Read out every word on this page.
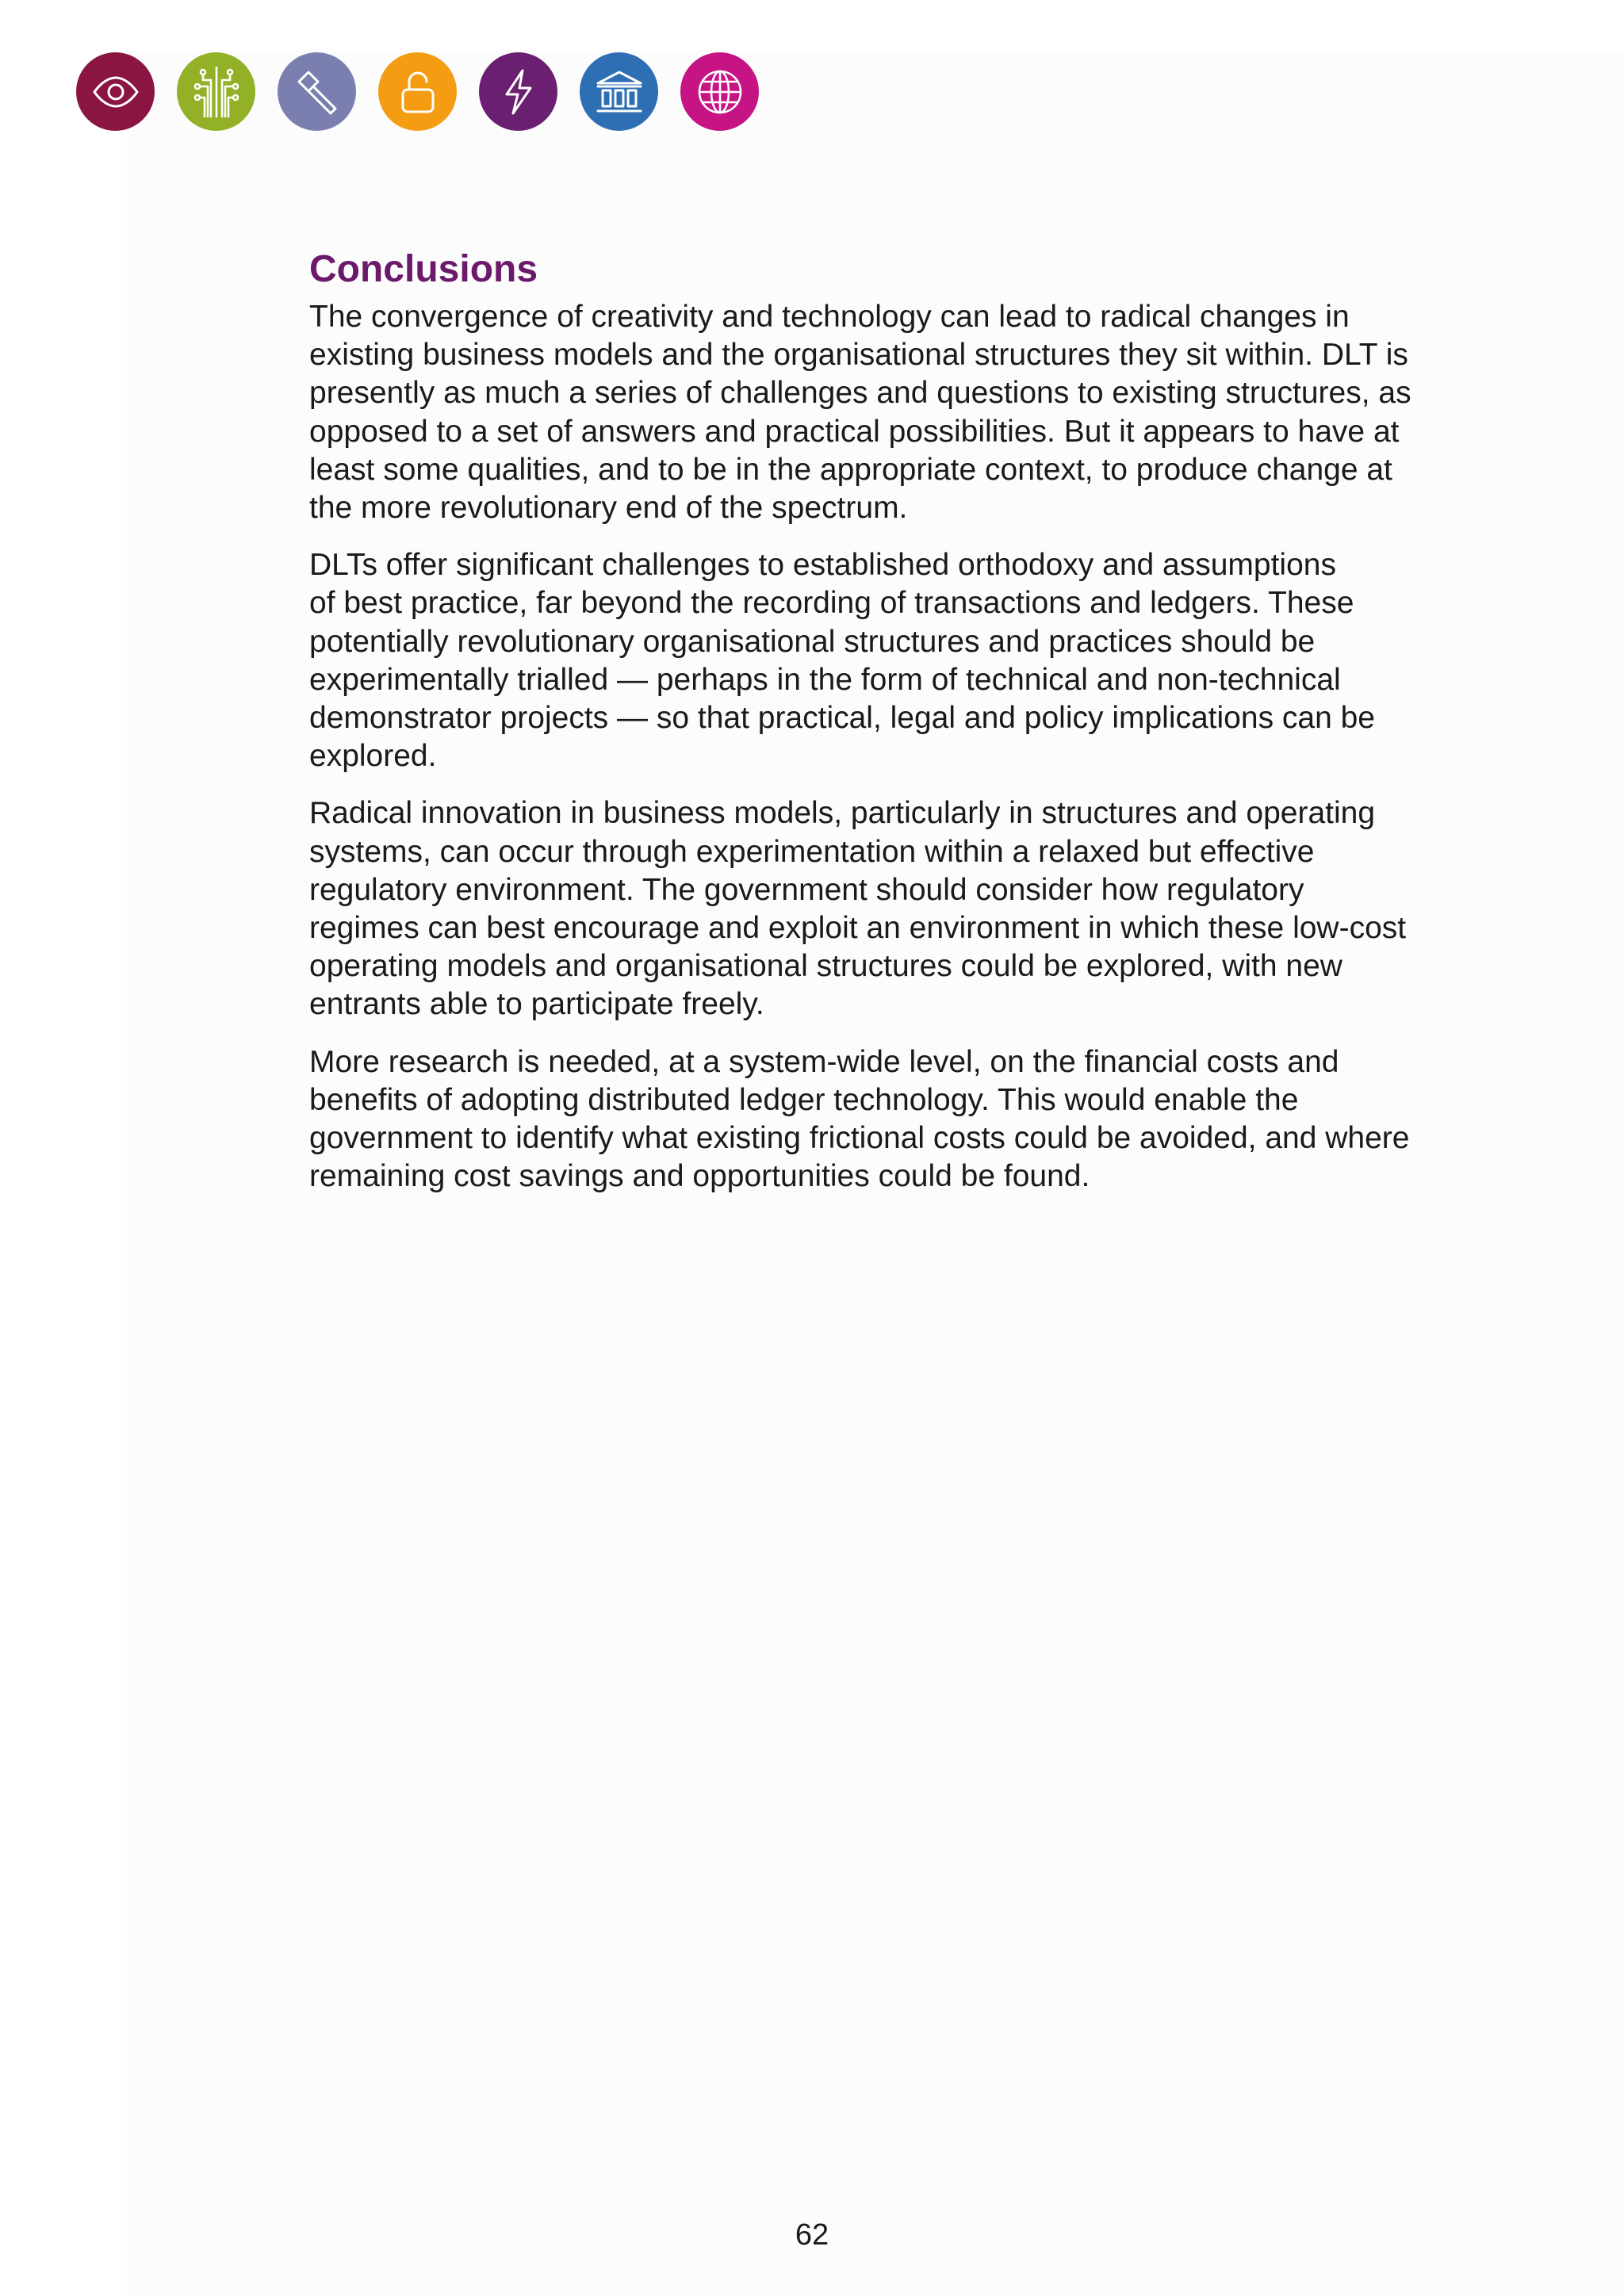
Conclusions

The convergence of creativity and technology can lead to radical changes in
existing business models and the organisational structures they sit within. DLT is
presently as much a series of challenges and questions to existing structures, as
opposed to a set of answers and practical possibilities. But it appears to have at
least some qualities, and to be in the appropriate context, to produce change at
the more revolutionary end of the spectrum.

DLTs offer significant challenges to established orthodoxy and assumptions
of best practice, far beyond the recording of transactions and ledgers. These
potentially revolutionary organisational structures and practices should be
experimentally trialled — perhaps in the form of technical and non-technical
demonstrator projects — so that practical, legal and policy implications can be
explored.

Radical innovation in business models, particularly in structures and operating
systems, can occur through experimentation within a relaxed but effective
regulatory environment. The government should consider how regulatory
regimes can best encourage and exploit an environment in which these low-cost
operating models and organisational structures could be explored, with new
entrants able to participate freely.

More research is needed, at a system-wide level, on the financial costs and
benefits of adopting distributed ledger technology. This would enable the
government to identify what existing frictional costs could be avoided, and where
remaining cost savings and opportunities could be found.

62
